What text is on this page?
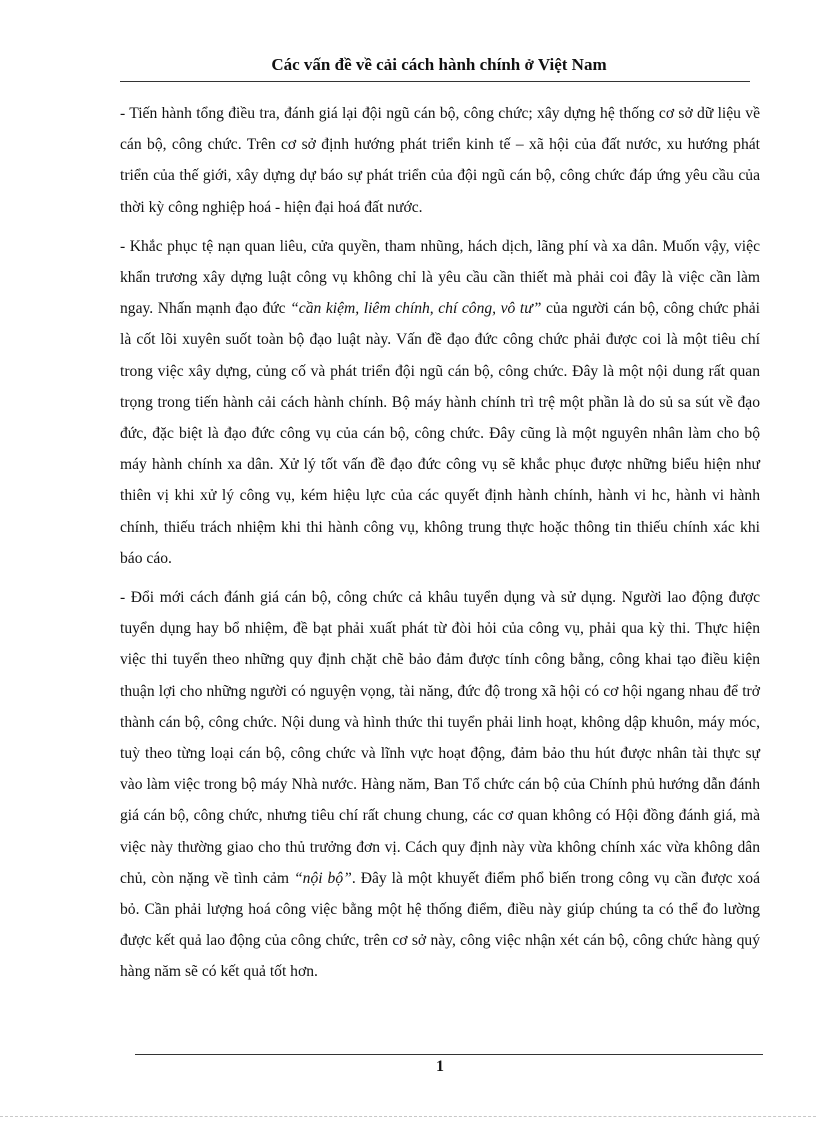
Các vấn đề về cải cách hành chính ở Việt Nam

- Tiến hành tổng điều tra, đánh giá lại đội ngũ cán bộ, công chức; xây dựng hệ thống cơ sở dữ liệu về cán bộ, công chức. Trên cơ sở định hướng phát triển kinh tế – xã hội của đất nước, xu hướng phát triển của thế giới, xây dựng dự báo sự phát triển của đội ngũ cán bộ, công chức đáp ứng yêu cầu của thời kỳ công nghiệp hoá - hiện đại hoá đất nước.

- Khắc phục tệ nạn quan liêu, cửa quyền, tham nhũng, hách dịch, lãng phí và xa dân. Muốn vậy, việc khẩn trương xây dựng luật công vụ không chỉ là yêu cầu cần thiết mà phải coi đây là việc cần làm ngay. Nhấn mạnh đạo đức “cần kiệm, liêm chính, chí công, vô tư” của người cán bộ, công chức phải là cốt lõi xuyên suốt toàn bộ đạo luật này. Vấn đề đạo đức công chức phải được coi là một tiêu chí trong việc xây dựng, củng cố và phát triển đội ngũ cán bộ, công chức. Đây là một nội dung rất quan trọng trong tiến hành cải cách hành chính. Bộ máy hành chính trì trệ một phần là do sủ sa sút về đạo đức, đặc biệt là đạo đức công vụ của cán bộ, công chức. Đây cũng là một nguyên nhân làm cho bộ máy hành chính xa dân. Xử lý tốt vấn đề đạo đức công vụ sẽ khắc phục được những biểu hiện như thiên vị khi xử lý công vụ, kém hiệu lực của các quyết định hành chính, hành vi hc, hành vi hành chính, thiếu trách nhiệm khi thi hành công vụ, không trung thực hoặc thông tin thiếu chính xác khi báo cáo.

- Đổi mới cách đánh giá cán bộ, công chức cả khâu tuyển dụng và sử dụng. Người lao động được tuyển dụng hay bổ nhiệm, đề bạt phải xuất phát từ đòi hỏi của công vụ, phải qua kỳ thi. Thực hiện việc thi tuyển theo những quy định chặt chẽ bảo đảm được tính công bằng, công khai tạo điều kiện thuận lợi cho những người có nguyện vọng, tài năng, đức độ trong xã hội có cơ hội ngang nhau để trở thành cán bộ, công chức. Nội dung và hình thức thi tuyển phải linh hoạt, không dập khuôn, máy móc, tuỳ theo từng loại cán bộ, công chức và lĩnh vực hoạt động, đảm bảo thu hút được nhân tài thực sự vào làm việc trong bộ máy Nhà nước. Hàng năm, Ban Tổ chức cán bộ của Chính phủ hướng dẫn đánh giá cán bộ, công chức, nhưng tiêu chí rất chung chung, các cơ quan không có Hội đồng đánh giá, mà việc này thường giao cho thủ trưởng đơn vị. Cách quy định này vừa không chính xác vừa không dân chủ, còn nặng về tình cảm “nội bộ”. Đây là một khuyết điểm phổ biến trong công vụ cần được xoá bỏ. Cần phải lượng hoá công việc bằng một hệ thống điểm, điều này giúp chúng ta có thể đo lường được kết quả lao động của công chức, trên cơ sở này, công việc nhận xét cán bộ, công chức hàng quý hàng năm sẽ có kết quả tốt hơn.

1
